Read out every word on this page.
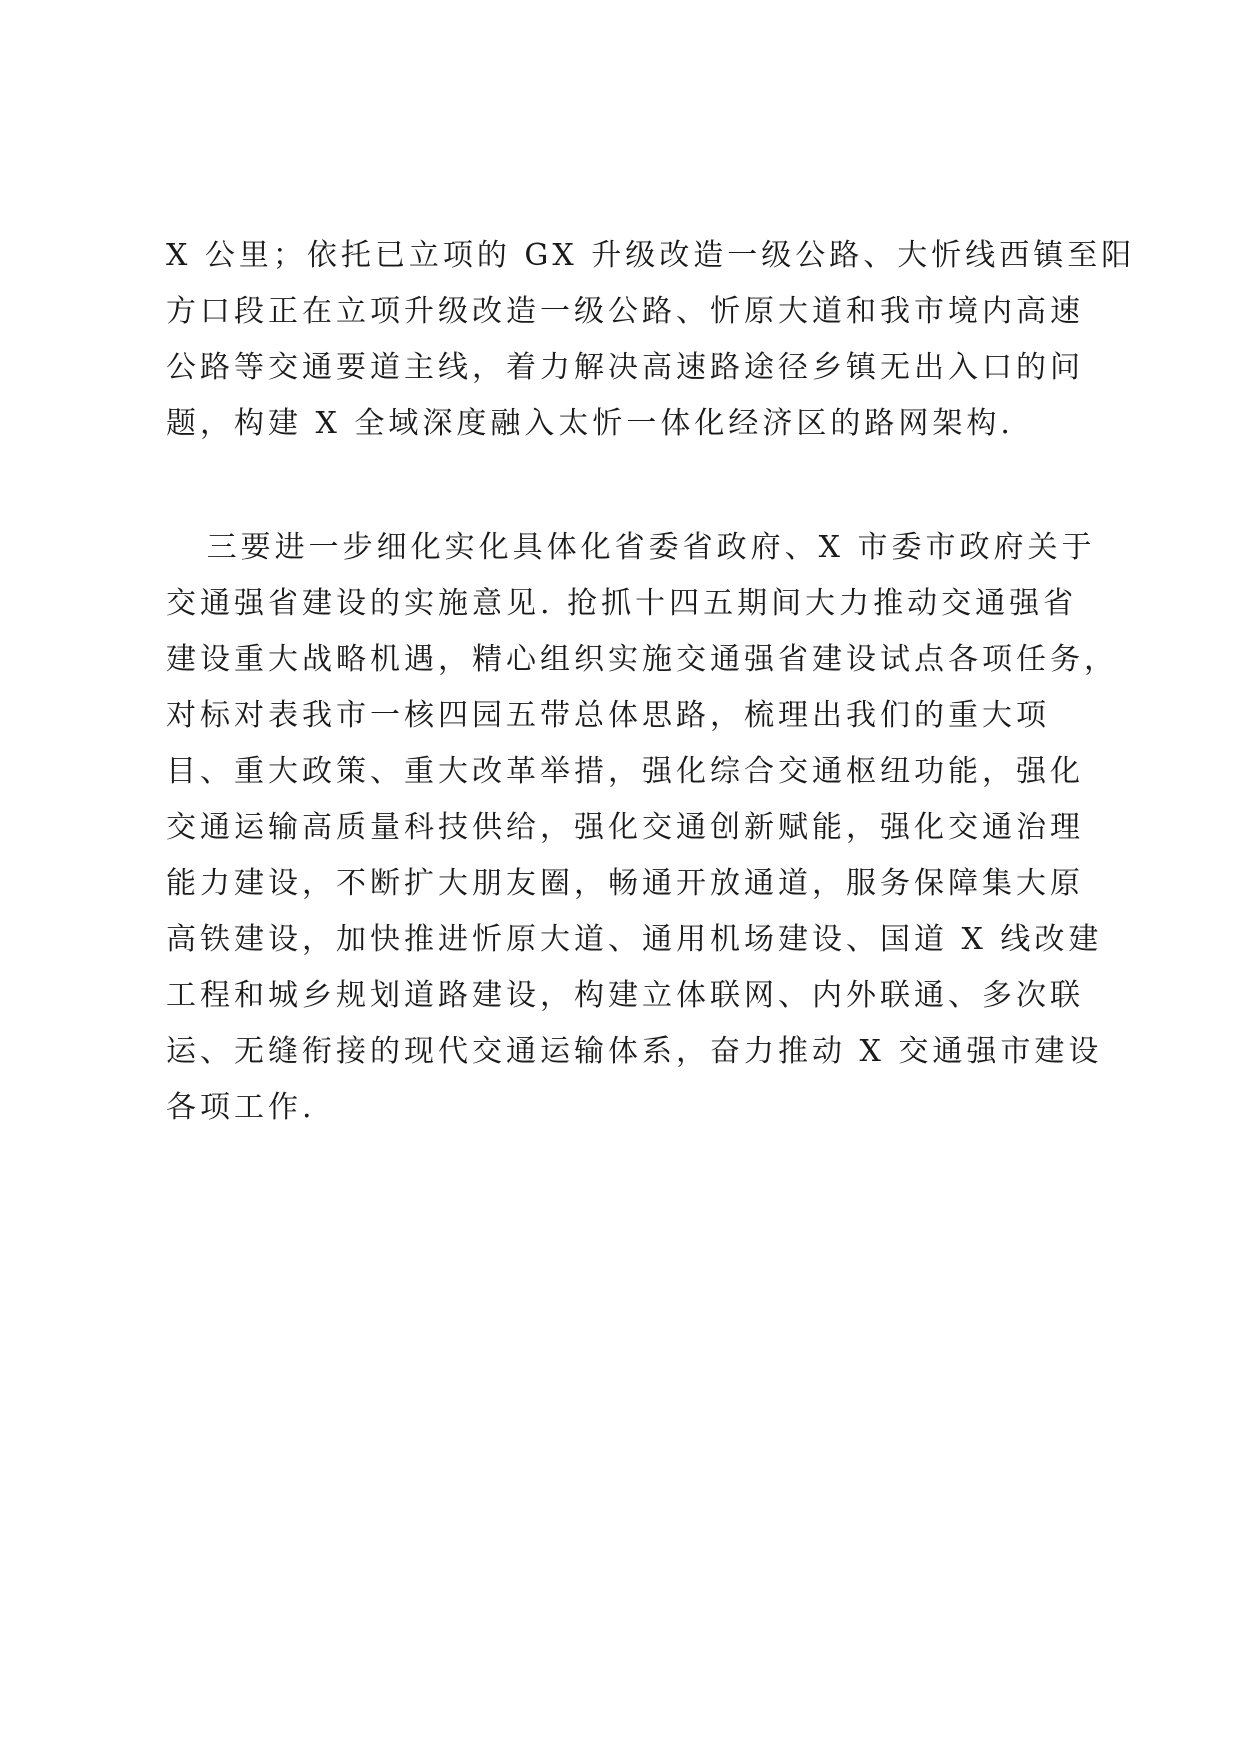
X 公里；依托已立项的 GX 升级改造一级公路、大忻线西镇至阳
方口段正在立项升级改造一级公路、忻原大道和我市境内高速
公路等交通要道主线，着力解决高速路途径乡镇无出入口的问
题，构建 X 全域深度融入太忻一体化经济区的路网架构.
三要进一步细化实化具体化省委省政府、X 市委市政府关于
交通强省建设的实施意见. 抢抓十四五期间大力推动交通强省
建设重大战略机遇，精心组织实施交通强省建设试点各项任务，
对标对表我市一核四园五带总体思路，梳理出我们的重大项
目、重大政策、重大改革举措，强化综合交通枢纽功能，强化
交通运输高质量科技供给，强化交通创新赋能，强化交通治理
能力建设，不断扩大朋友圈，畅通开放通道，服务保障集大原
高铁建设，加快推进忻原大道、通用机场建设、国道 X 线改建
工程和城乡规划道路建设，构建立体联网、内外联通、多次联
运、无缝衔接的现代交通运输体系，奋力推动 X 交通强市建设
各项工作.
